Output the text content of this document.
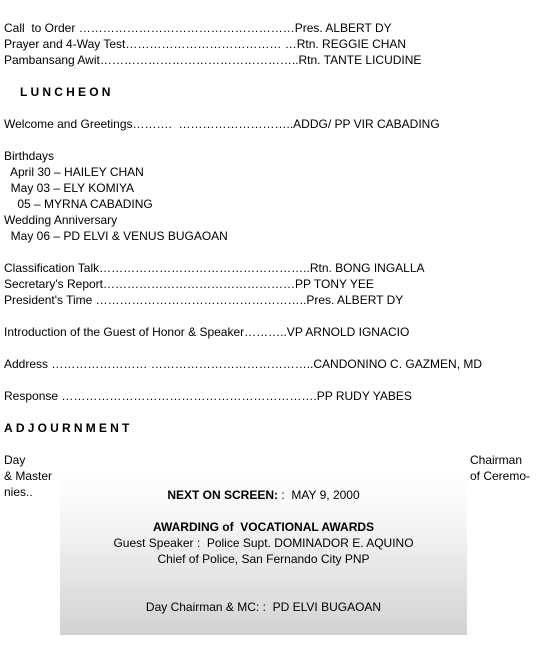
Call  to Order ………………………………………………Pres. ALBERT DY
Prayer and 4-Way Test………………………………… …Rtn. REGGIE CHAN
Pambansang Awit…………………………………………..Rtn. TANTE LICUDINE
LUNCHEON
Welcome and Greetings……….  ………………………..ADDG/ PP VIR CABADING
Birthdays
April 30 – HAILEY CHAN
May 03 – ELY KOMIYA
05 – MYRNA CABADING
Wedding Anniversary
May 06 – PD ELVI & VENUS BUGAOAN
Classification Talk……………………………………………..Rtn. BONG INGALLA
Secretary's Report…………………………………………PP TONY YEE
President's Time ……………………………………………..Pres. ALBERT DY
Introduction of the Guest of Honor & Speaker………..VP ARNOLD IGNACIO
Address …………………… …………………………………..CANDONINO C. GAZMEN, MD
Response ……………………………………………………….PP RUDY YABES
ADJOURNMENT
Day
& Master
nies..
Chairman
of Ceremo-
NEXT ON SCREEN: :  MAY 9, 2000
AWARDING of  VOCATIONAL AWARDS
Guest Speaker :  Police Supt. DOMINADOR E. AQUINO
Chief of Police, San Fernando City PNP
Day Chairman & MC: :  PD ELVI BUGAOAN
